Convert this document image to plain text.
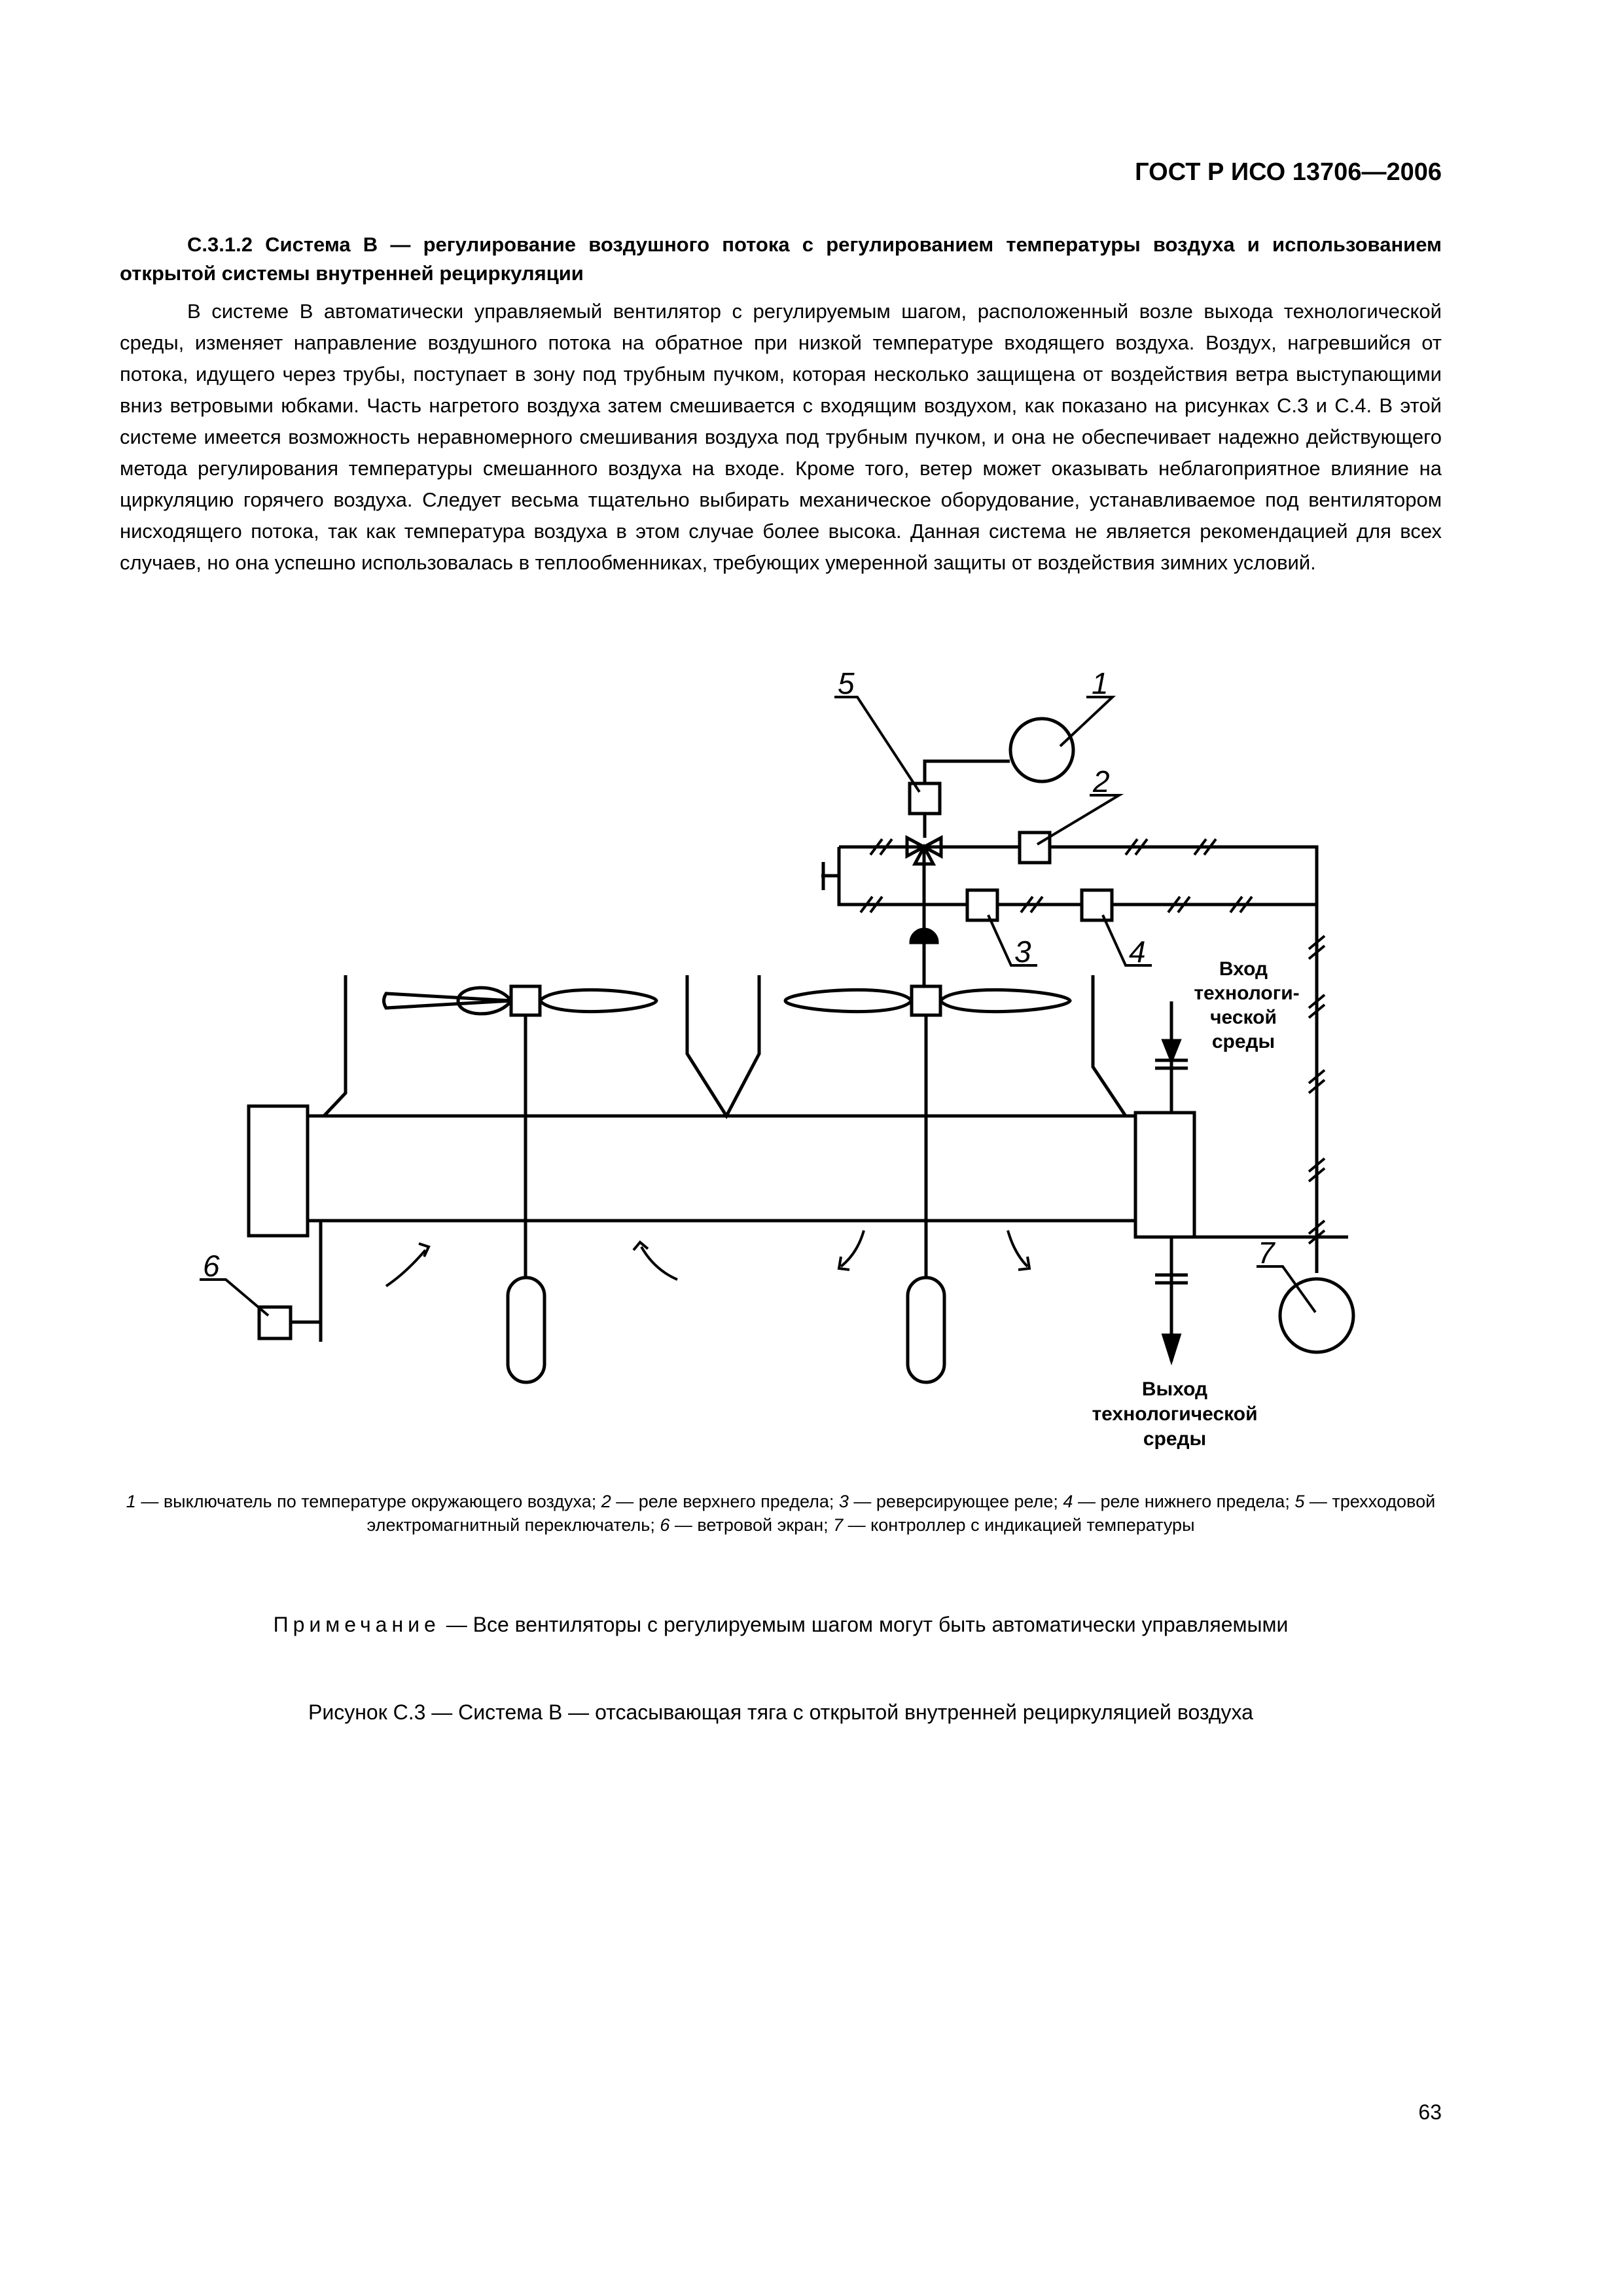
ГОСТ Р ИСО 13706—2006
С.3.1.2 Система В — регулирование воздушного потока с регулированием температуры воздуха и использованием открытой системы внутренней рециркуляции
В системе В автоматически управляемый вентилятор с регулируемым шагом, расположенный возле выхода технологической среды, изменяет направление воздушного потока на обратное при низкой температуре входящего воздуха. Воздух, нагревшийся от потока, идущего через трубы, поступает в зону под трубным пучком, которая несколько защищена от воздействия ветра выступающими вниз ветровыми юбками. Часть нагретого воздуха затем смешивается с входящим воздухом, как показано на рисунках С.3 и С.4. В этой системе имеется возможность неравномерного смешивания воздуха под трубным пучком, и она не обеспечивает надежно действующего метода регулирования температуры смешанного воздуха на входе. Кроме того, ветер может оказывать неблагоприятное влияние на циркуляцию горячего воздуха. Следует весьма тщательно выбирать механическое оборудование, устанавливаемое под вентилятором нисходящего потока, так как температура воздуха в этом случае более высока. Данная система не является рекомендацией для всех случаев, но она успешно использовалась в теплообменниках, требующих умеренной защиты от воздействия зимних условий.
5	1
2
3	4
6	7
Вход
технологи-
ческой
среды
Выход
технологической
среды
1 — выключатель по температуре окружающего воздуха; 2 — реле верхнего предела; 3 — реверсирующее реле; 4 — реле нижнего предела; 5 — трехходовой электромагнитный переключатель; 6 — ветровой экран; 7 — контроллер с индикацией температуры
Примечание — Все вентиляторы с регулируемым шагом могут быть автоматически управляемыми
Рисунок С.3 — Система В — отсасывающая тяга с открытой внутренней рециркуляцией воздуха
63
